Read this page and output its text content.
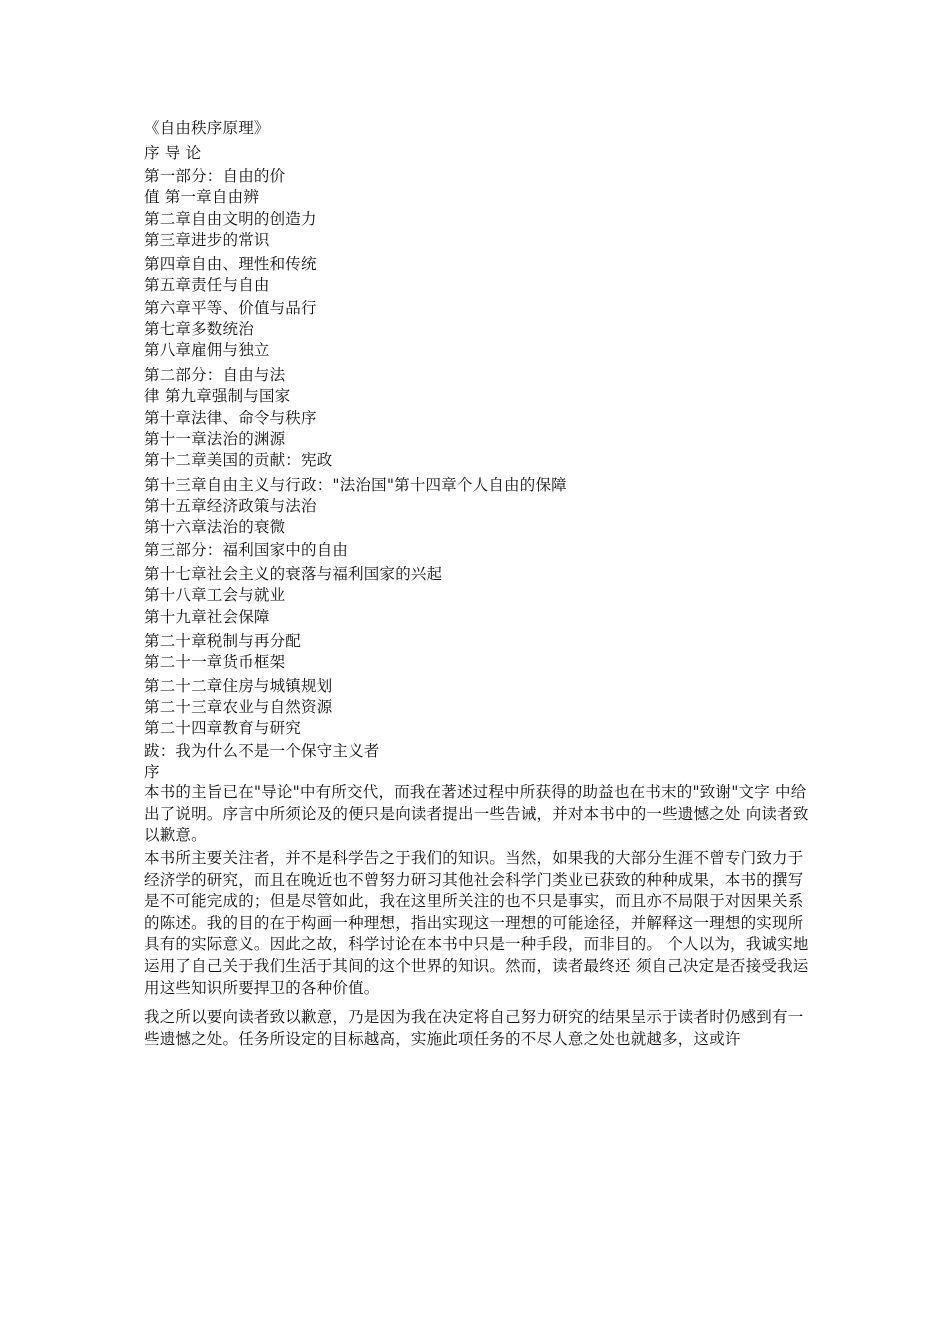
《自由秩序原理》
序 导 论
第一部分：自由的价
值 第一章自由辨
第二章自由文明的创造力
第三章进步的常识
第四章自由、理性和传统
第五章责任与自由
第六章平等、价值与品行
第七章多数统治
第八章雇佣与独立
第二部分：自由与法
律 第九章强制与国家
第十章法律、命令与秩序
第十一章法治的渊源
第十二章美国的贡献：宪政
第十三章自由主义与行政："法治国"第十四章个人自由的保障
第十五章经济政策与法治
第十六章法治的衰微
第三部分：福利国家中的自由
第十七章社会主义的衰落与福利国家的兴起
第十八章工会与就业
第十九章社会保障
第二十章税制与再分配
第二十一章货币框架
第二十二章住房与城镇规划
第二十三章农业与自然资源
第二十四章教育与研究
跋：我为什么不是一个保守主义者
序
本书的主旨已在"导论"中有所交代，而我在著述过程中所获得的助益也在书末的"致谢"文字 中给出了说明。序言中所须论及的便只是向读者提出一些告诫，并对本书中的一些遗憾之处 向读者致以歉意。
本书所主要关注者，并不是科学告之于我们的知识。当然，如果我的大部分生涯不曾专门致力于经济学的研究，而且在晚近也不曾努力研习其他社会科学门类业已获致的种种成果，本书的撰写是不可能完成的；但是尽管如此，我在这里所关注的也不只是事实，而且亦不局限于对因果关系的陈述。我的目的在于构画一种理想，指出实现这一理想的可能途径，并解释这一理想的实现所具有的实际意义。因此之故，科学讨论在本书中只是一种手段，而非目的。 个人以为，我诚实地运用了自己关于我们生活于其间的这个世界的知识。然而，读者最终还 须自己决定是否接受我运用这些知识所要捍卫的各种价值。
我之所以要向读者致以歉意，乃是因为我在决定将自己努力研究的结果呈示于读者时仍感到有一些遗憾之处。任务所设定的目标越高，实施此项任务的不尽人意之处也就越多，这或许
